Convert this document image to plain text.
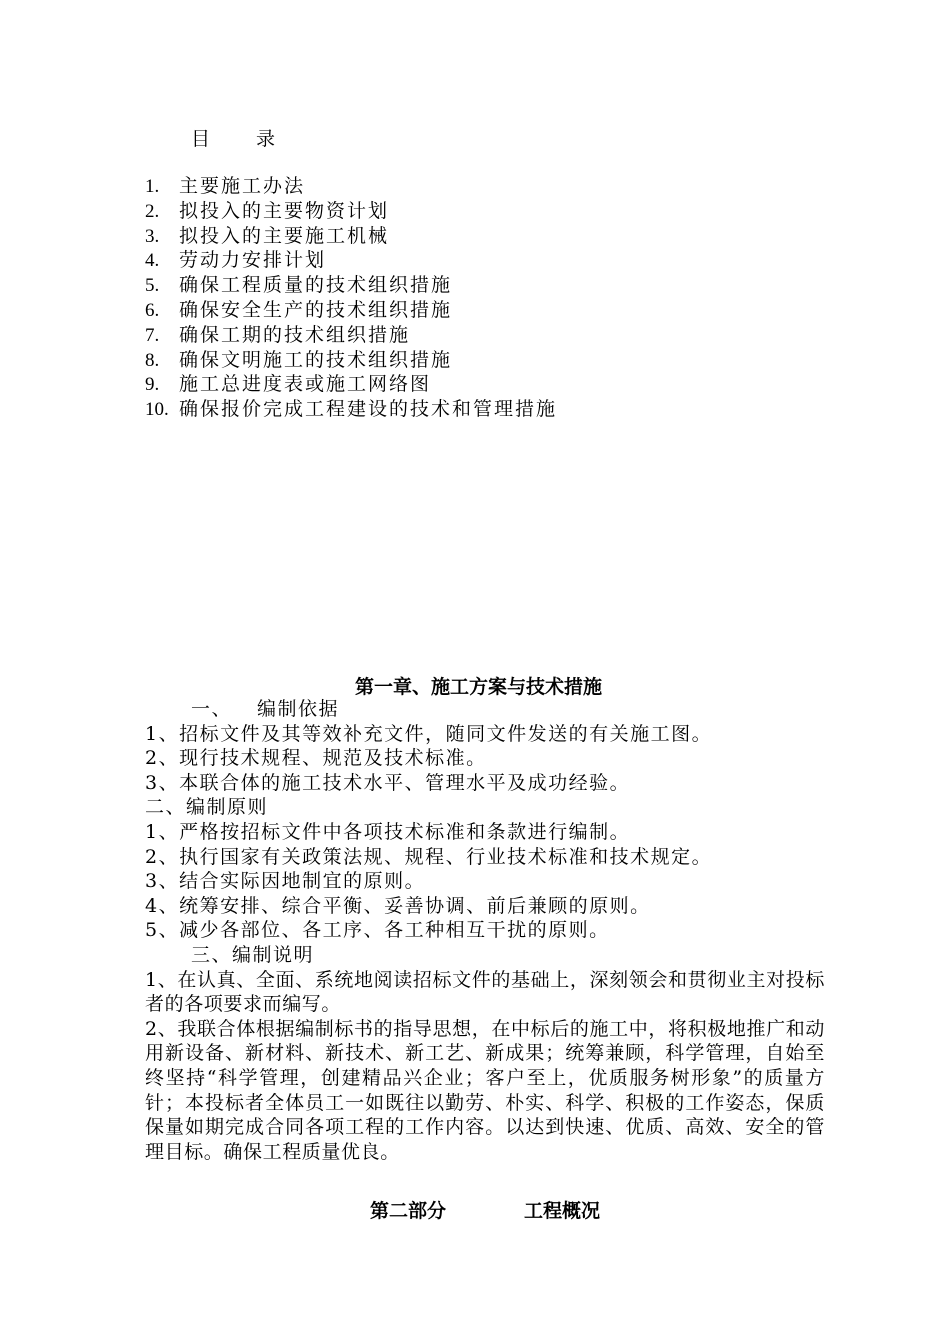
目 录
1. 主要施工办法
2. 拟投入的主要物资计划
3. 拟投入的主要施工机械
4. 劳动力安排计划
5. 确保工程质量的技术组织措施
6. 确保安全生产的技术组织措施
7. 确保工期的技术组织措施
8. 确保文明施工的技术组织措施
9. 施工总进度表或施工网络图
10. 确保报价完成工程建设的技术和管理措施
第一章、施工方案与技术措施
一、 编制依据
1、招标文件及其等效补充文件，随同文件发送的有关施工图。
2、现行技术规程、规范及技术标准。
3、本联合体的施工技术水平、管理水平及成功经验。
二、编制原则
1、严格按招标文件中各项技术标准和条款进行编制。
2、执行国家有关政策法规、规程、行业技术标准和技术规定。
3、结合实际因地制宜的原则。
4、统筹安排、综合平衡、妥善协调、前后兼顾的原则。
5、减少各部位、各工序、各工种相互干扰的原则。
三、编制说明
1、在认真、全面、系统地阅读招标文件的基础上，深刻领会和贯彻业主对投标者的各项要求而编写。
2、我联合体根据编制标书的指导思想，在中标后的施工中，将积极地推广和动用新设备、新材料、新技术、新工艺、新成果；统筹兼顾，科学管理，自始至终坚持“科学管理，创建精品兴企业；客户至上，优质服务树形象”的质量方针；本投标者全体员工一如既往以勤劳、朴实、科学、积极的工作姿态，保质保量如期完成合同各项工程的工作内容。以达到快速、优质、高效、安全的管理目标。确保工程质量优良。
第二部分	工程概况
